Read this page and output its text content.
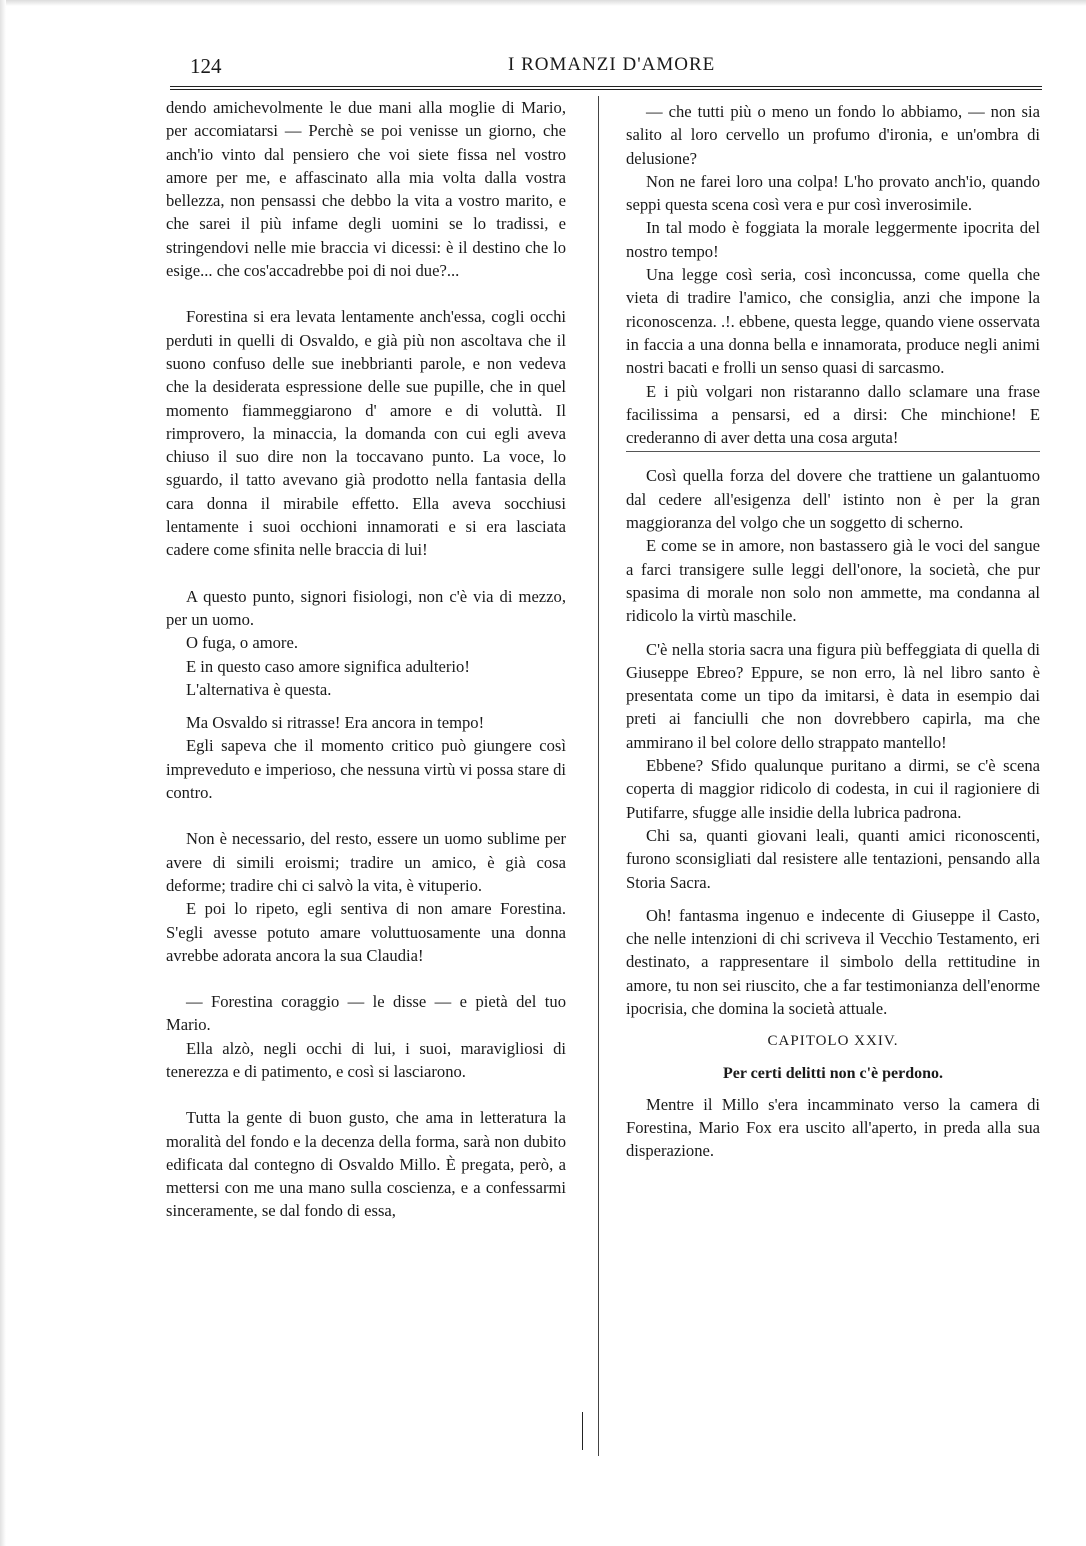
124	I ROMANZI D'AMORE

dendo amichevolmente le due mani alla moglie di Mario, per accomiatarsi — Perchè se poi venisse un giorno, che anch'io vinto dal pensiero che voi siete fissa nel vostro amore per me, e affascinato alla mia volta dalla vostra bellezza, non pensassi che debbo la vita a vostro marito, e che sarei il più infame degli uomini se lo tradissi, e stringendovi nelle mie braccia vi dicessi: è il destino che lo esige... che cos'accadrebbe poi di noi due?...

Forestina si era levata lentamente anch'essa, cogli occhi perduti in quelli di Osvaldo, e già più non ascoltava che il suono confuso delle sue inebbrianti parole, e non vedeva che la desiderata espressione delle sue pupille, che in quel momento fiammeggiarono d' amore e di voluttà. Il rimprovero, la minaccia, la domanda con cui egli aveva chiuso il suo dire non la toccavano punto. La voce, lo sguardo, il tatto avevano già prodotto nella fantasia della cara donna il mirabile effetto. Ella aveva socchiusi lentamente i suoi occhioni innamorati e si era lasciata cadere come sfinita nelle braccia di lui!

A questo punto, signori fisiologi, non c'è via di mezzo, per un uomo.

O fuga, o amore.

E in questo caso amore significa adulterio!

L'alternativa è questa.

Ma Osvaldo si ritrasse! Era ancora in tempo!

Egli sapeva che il momento critico può giungere così impreveduto e imperioso, che nessuna virtù vi possa stare di contro.

Non è necessario, del resto, essere un uomo sublime per avere di simili eroismi; tradire un amico, è già cosa deforme; tradire chi ci salvò la vita, è vituperio.

E poi lo ripeto, egli sentiva di non amare Forestina. S'egli avesse potuto amare voluttuosamente una donna avrebbe adorata ancora la sua Claudia!

— Forestina coraggio — le disse — e pietà del tuo Mario.

Ella alzò, negli occhi di lui, i suoi, maravigliosi di tenerezza e di patimento, e così si lasciarono.

Tutta la gente di buon gusto, che ama in letteratura la moralità del fondo e la decenza della forma, sarà non dubito edificata dal contegno di Osvaldo Millo. È pregata, però, a mettersi con me una mano sulla coscienza, e a confessarmi sinceramente, se dal fondo di essa,

— che tutti più o meno un fondo lo abbiamo, — non sia salito al loro cervello un profumo d'ironia, e un'ombra di delusione?

Non ne farei loro una colpa! L'ho provato anch'io, quando seppi questa scena così vera e pur così inverosimile.

In tal modo è foggiata la morale leggermente ipocrita del nostro tempo!

Una legge così seria, così inconcussa, come quella che vieta di tradire l'amico, che consiglia, anzi che impone la riconoscenza. .!. ebbene, questa legge, quando viene osservata in faccia a una donna bella e innamorata, produce negli animi nostri bacati e frolli un senso quasi di sarcasmo.

E i più volgari non ristaranno dallo sclamare una frase facilissima a pensarsi, ed a dirsi: Che minchione! E crederanno di aver detta una cosa arguta!

Così quella forza del dovere che trattiene un galantuomo dal cedere all'esigenza dell' istinto non è per la gran maggioranza del volgo che un soggetto di scherno.

E come se in amore, non bastassero già le voci del sangue a farci transigere sulle leggi dell'onore, la società, che pur spasima di morale non solo non ammette, ma condanna al ridicolo la virtù maschile.

C'è nella storia sacra una figura più beffeggiata di quella di Giuseppe Ebreo? Eppure, se non erro, là nel libro santo è presentata come un tipo da imitarsi, è data in esempio dai preti ai fanciulli che non dovrebbero capirla, ma che ammirano il bel colore dello strappato mantello!

Ebbene? Sfido qualunque puritano a dirmi, se c'è scena coperta di maggior ridicolo di codesta, in cui il ragioniere di Putifarre, sfugge alle insidie della lubrica padrona.

Chi sa, quanti giovani leali, quanti amici riconoscenti, furono sconsigliati dal resistere alle tentazioni, pensando alla Storia Sacra.

Oh! fantasma ingenuo e indecente di Giuseppe il Casto, che nelle intenzioni di chi scriveva il Vecchio Testamento, eri destinato, a rappresentare il simbolo della rettitudine in amore, tu non sei riuscito, che a far testimonianza dell'enorme ipocrisia, che domina la società attuale.

CAPITOLO XXIV.
Per certi delitti non c'è perdono.

Mentre il Millo s'era incamminato verso la camera di Forestina, Mario Fox era uscito all'aperto, in preda alla sua disperazione.
